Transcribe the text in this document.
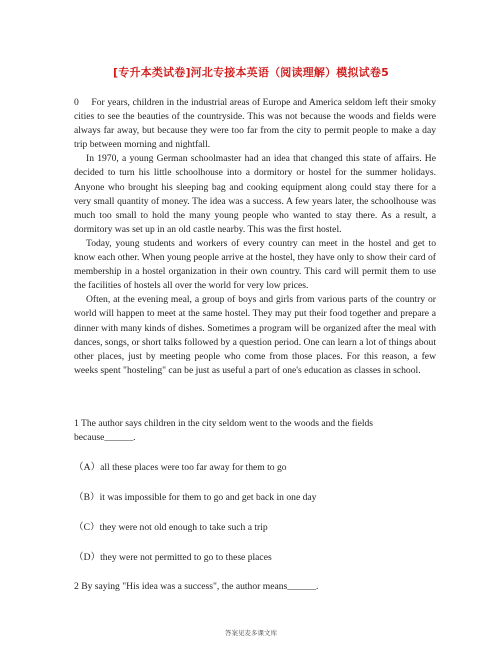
[专升本类试卷]河北专接本英语（阅读理解）模拟试卷5

0　 For years, children in the industrial areas of Europe and America seldom left their smoky cities to see the beauties of the countryside. This was not because the woods and fields were always far away, but because they were too far from the city to permit people to make a day trip between morning and nightfall.

In 1970, a young German schoolmaster had an idea that changed this state of affairs. He decided to turn his little schoolhouse into a dormitory or hostel for the summer holidays. Anyone who brought his sleeping bag and cooking equipment along could stay there for a very small quantity of money. The idea was a success. A few years later, the schoolhouse was much too small to hold the many young people who wanted to stay there. As a result, a dormitory was set up in an old castle nearby. This was the first hostel.

Today, young students and workers of every country can meet in the hostel and get to know each other. When young people arrive at the hostel, they have only to show their card of membership in a hostel organization in their own country. This card will permit them to use the facilities of hostels all over the world for very low prices.

Often, at the evening meal, a group of boys and girls from various parts of the country or world will happen to meet at the same hostel. They may put their food together and prepare a dinner with many kinds of dishes. Sometimes a program will be organized after the meal with dances, songs, or short talks followed by a question period. One can learn a lot of things about other places, just by meeting people who come from those places. For this reason, a few weeks spent "hosteling" can be just as useful a part of one's education as classes in school.

1 The author says children in the city seldom went to the woods and the fields because______.
（A）all these places were too far away for them to go
（B）it was impossible for them to go and get back in one day
（C）they were not old enough to take such a trip
（D）they were not permitted to go to these places
2 By saying "His idea was a success", the author means______.
答案见麦多课文库
